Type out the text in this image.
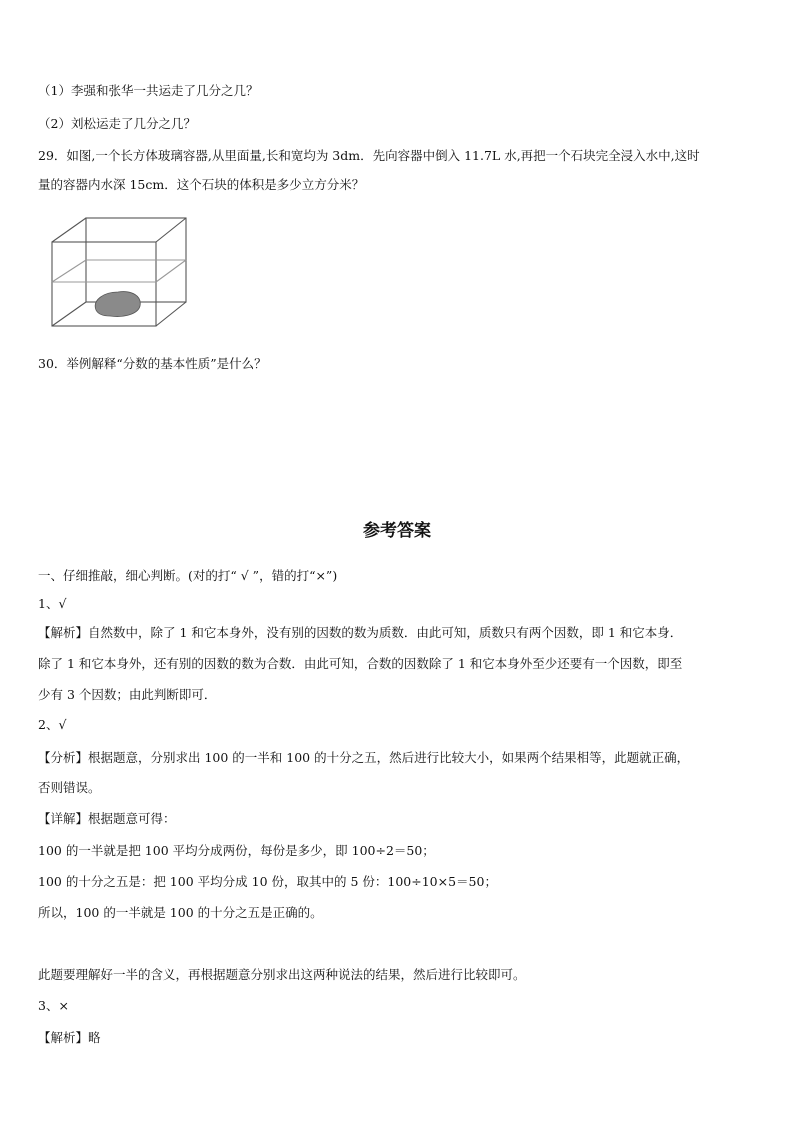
（1）李强和张华一共运走了几分之几？
（2）刘松运走了几分之几？
29．如图,一个长方体玻璃容器,从里面量,长和宽均为 3dm．先向容器中倒入 11.7L 水,再把一个石块完全浸入水中,这时
量的容器内水深 15cm．这个石块的体积是多少立方分米？
30．举例解释“分数的基本性质”是什么？
参考答案
一、仔细推敲，细心判断。(对的打“ √ ”，错的打“×”)
1、√
【解析】自然数中，除了 1 和它本身外，没有别的因数的数为质数．由此可知，质数只有两个因数，即 1 和它本身．
除了 1 和它本身外，还有别的因数的数为合数．由此可知，合数的因数除了 1 和它本身外至少还要有一个因数，即至
少有 3 个因数；由此判断即可．
2、√
【分析】根据题意，分别求出 100 的一半和 100 的十分之五，然后进行比较大小，如果两个结果相等，此题就正确，
否则错误。
【详解】根据题意可得：
100 的一半就是把 100 平均分成两份，每份是多少，即 100÷2＝50；
100 的十分之五是：把 100 平均分成 10 份，取其中的 5 份：100÷10×5＝50；
所以，100 的一半就是 100 的十分之五是正确的。
此题要理解好一半的含义，再根据题意分别求出这两种说法的结果，然后进行比较即可。
3、×
【解析】略
